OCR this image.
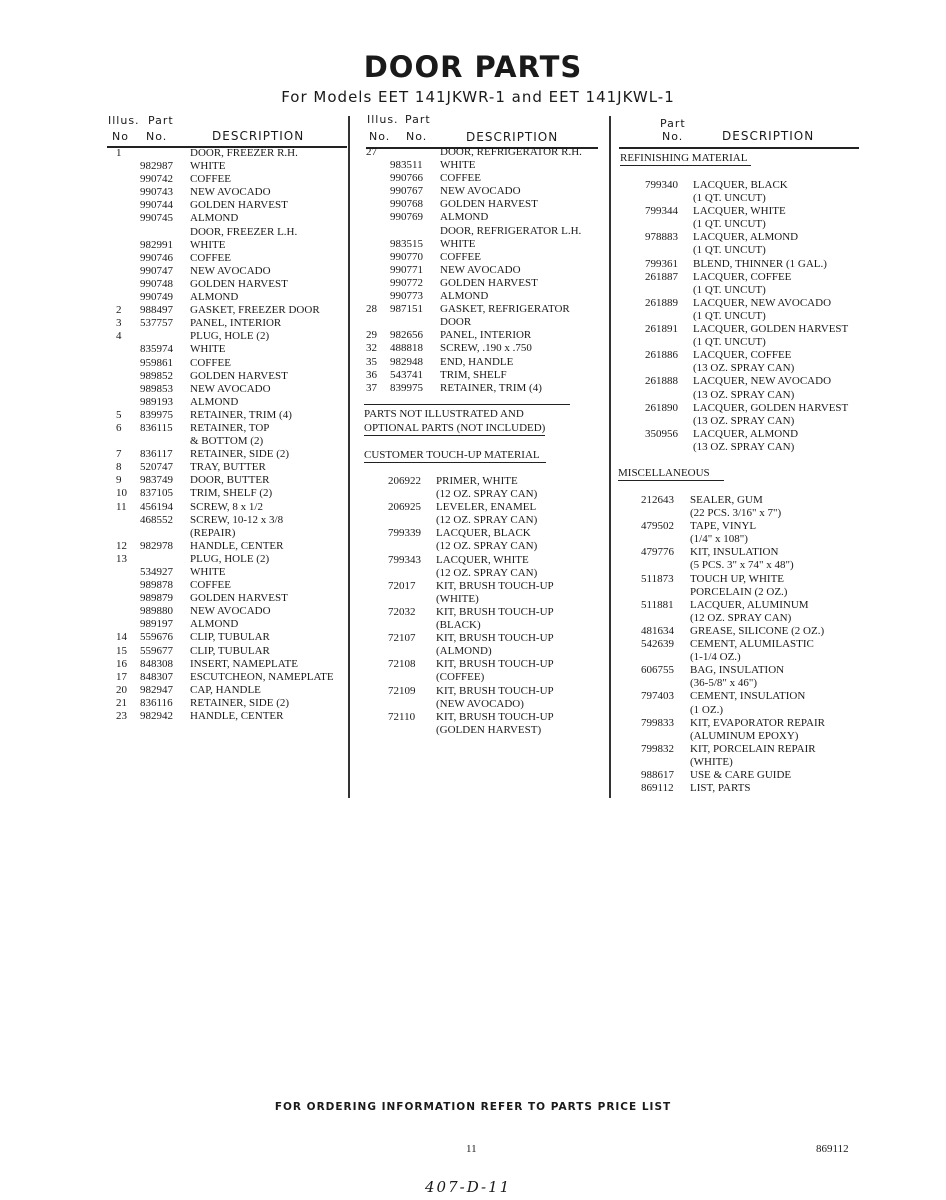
DOOR PARTS
For Models EET 141JKWR-1 and EET 141JKWL-1
Illus. Part
No No.	DESCRIPTION
Illus. Part
No. No.	DESCRIPTION
Part
No.	DESCRIPTION
1	DOOR, FREEZER R.H.
982987 WHITE
990742 COFFEE
990743 NEW AVOCADO
990744 GOLDEN HARVEST
990745 ALMOND
DOOR, FREEZER L.H.
982991 WHITE
990746 COFFEE
990747 NEW AVOCADO
990748 GOLDEN HARVEST
990749 ALMOND
2 988497 GASKET, FREEZER DOOR
3 537757 PANEL, INTERIOR
4	PLUG, HOLE (2)
835974 WHITE
959861 COFFEE
989852 GOLDEN HARVEST
989853 NEW AVOCADO
989193 ALMOND
5 839975 RETAINER, TRIM (4)
6 836115 RETAINER, TOP
& BOTTOM (2)
7 836117 RETAINER, SIDE (2)
8 520747 TRAY, BUTTER
9 983749 DOOR, BUTTER
10 837105 TRIM, SHELF (2)
11 456194 SCREW, 8 x 1/2
468552 SCREW, 10-12 x 3/8
(REPAIR)
12 982978 HANDLE, CENTER
13	PLUG, HOLE (2)
534927 WHITE
989878 COFFEE
989879 GOLDEN HARVEST
989880 NEW AVOCADO
989197 ALMOND
14 559676 CLIP, TUBULAR
15 559677 CLIP, TUBULAR
16 848308 INSERT, NAMEPLATE
17 848307 ESCUTCHEON, NAMEPLATE
20 982947 CAP, HANDLE
21 836116 RETAINER, SIDE (2)
23 982942 HANDLE, CENTER
27	DOOR, REFRIGERATOR R.H.
983511 WHITE
990766 COFFEE
990767 NEW AVOCADO
990768 GOLDEN HARVEST
990769 ALMOND
DOOR, REFRIGERATOR L.H.
983515 WHITE
990770 COFFEE
990771 NEW AVOCADO
990772 GOLDEN HARVEST
990773 ALMOND
28 987151 GASKET, REFRIGERATOR
DOOR
29 982656 PANEL, INTERIOR
32 488818 SCREW, .190 x .750
35 982948 END, HANDLE
36 543741 TRIM, SHELF
37 839975 RETAINER, TRIM (4)
PARTS NOT ILLUSTRATED AND
OPTIONAL PARTS (NOT INCLUDED)
CUSTOMER TOUCH-UP MATERIAL
206922 PRIMER, WHITE
(12 OZ. SPRAY CAN)
206925 LEVELER, ENAMEL
(12 OZ. SPRAY CAN)
799339 LACQUER, BLACK
(12 OZ. SPRAY CAN)
799343 LACQUER, WHITE
(12 OZ. SPRAY CAN)
72017 KIT, BRUSH TOUCH-UP
(WHITE)
72032 KIT, BRUSH TOUCH-UP
(BLACK)
72107 KIT, BRUSH TOUCH-UP
(ALMOND)
72108 KIT, BRUSH TOUCH-UP
(COFFEE)
72109 KIT, BRUSH TOUCH-UP
(NEW AVOCADO)
72110 KIT, BRUSH TOUCH-UP
(GOLDEN HARVEST)
REFINISHING MATERIAL
799340 LACQUER, BLACK
(1 QT. UNCUT)
799344 LACQUER, WHITE
(1 QT. UNCUT)
978883 LACQUER, ALMOND
(1 QT. UNCUT)
799361 BLEND, THINNER (1 GAL.)
261887 LACQUER, COFFEE
(1 QT. UNCUT)
261889 LACQUER, NEW AVOCADO
(1 QT. UNCUT)
261891 LACQUER, GOLDEN HARVEST
(1 QT. UNCUT)
261886 LACQUER, COFFEE
(13 OZ. SPRAY CAN)
261888 LACQUER, NEW AVOCADO
(13 OZ. SPRAY CAN)
261890 LACQUER, GOLDEN HARVEST
(13 OZ. SPRAY CAN)
350956 LACQUER, ALMOND
(13 OZ. SPRAY CAN)
MISCELLANEOUS
212643 SEALER, GUM
(22 PCS. 3/16" x 7")
479502 TAPE, VINYL
(1/4" x 108")
479776 KIT, INSULATION
(5 PCS. 3" x 74" x 48")
511873 TOUCH UP, WHITE
PORCELAIN (2 OZ.)
511881 LACQUER, ALUMINUM
(12 OZ. SPRAY CAN)
481634 GREASE, SILICONE (2 OZ.)
542639 CEMENT, ALUMILASTIC
(1-1/4 OZ.)
606755 BAG, INSULATION
(36-5/8" x 46")
797403 CEMENT, INSULATION
(1 OZ.)
799833 KIT, EVAPORATOR REPAIR
(ALUMINUM EPOXY)
799832 KIT, PORCELAIN REPAIR
(WHITE)
988617 USE & CARE GUIDE
869112 LIST, PARTS
FOR ORDERING INFORMATION REFER TO PARTS PRICE LIST
11	869112
407-D-11
